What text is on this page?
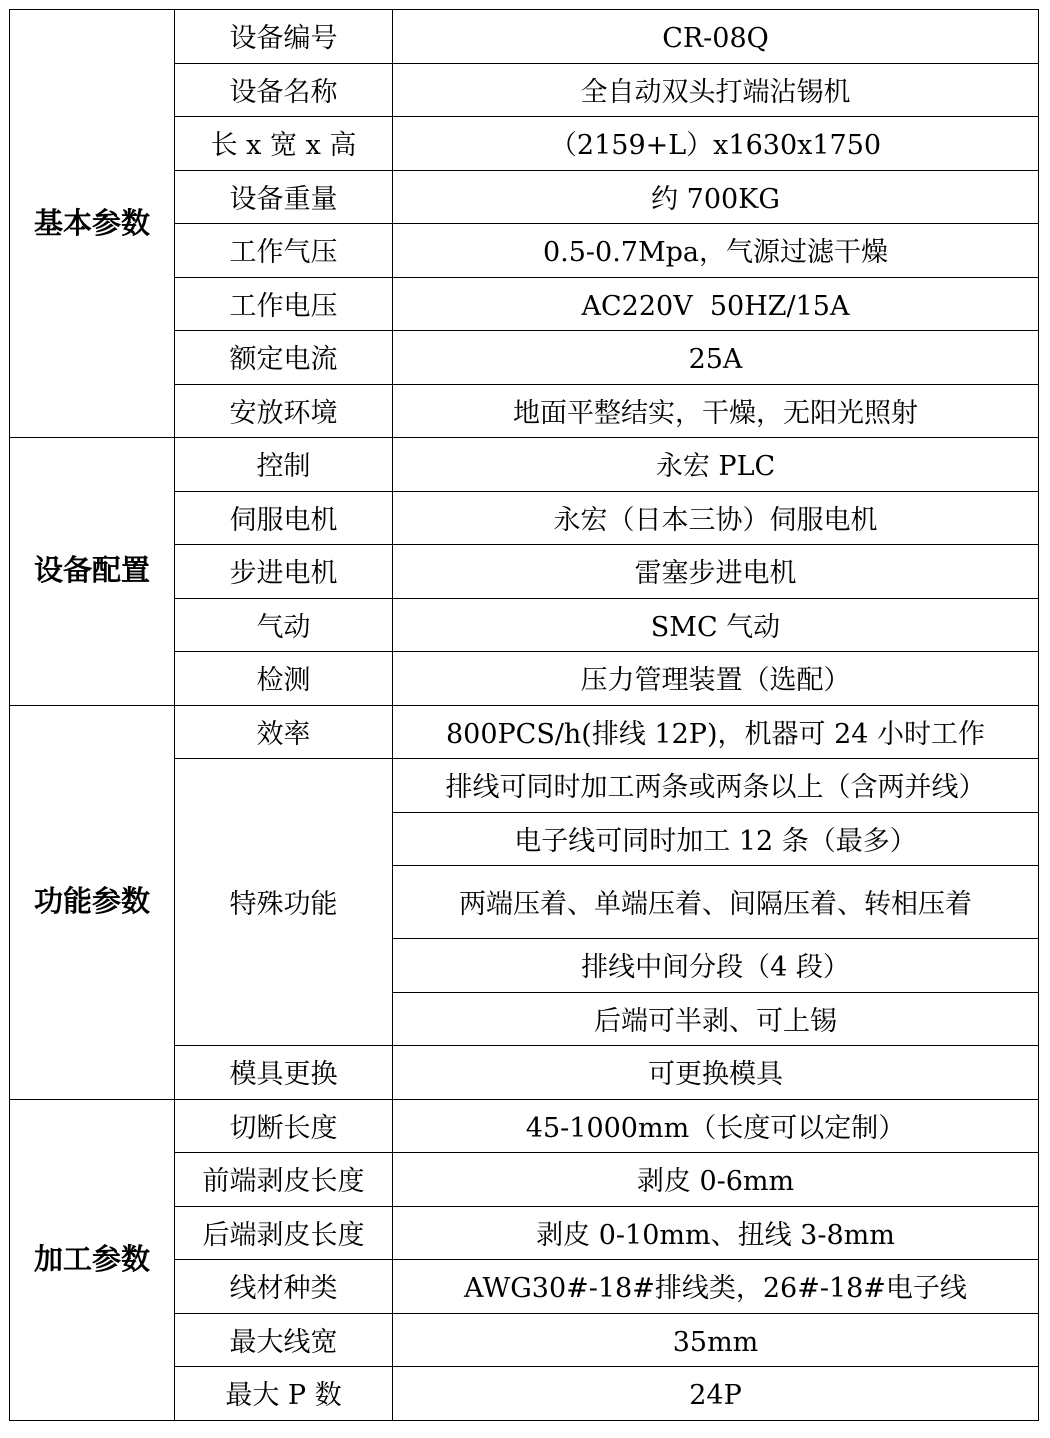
基本参数	设备编号	CR-08Q
	设备名称	全自动双头打端沾锡机
	长 x 宽 x 高	（2159+L）x1630x1750
	设备重量	约 700KG
	工作气压	0.5-0.7Mpa，气源过滤干燥
	工作电压	AC220V  50HZ/15A
	额定电流	25A
	安放环境	地面平整结实，干燥，无阳光照射
设备配置	控制	永宏 PLC
	伺服电机	永宏（日本三协）伺服电机
	步进电机	雷塞步进电机
	气动	SMC 气动
	检测	压力管理装置（选配）
功能参数	效率	800PCS/h(排线 12P)，机器可 24 小时工作
	特殊功能	排线可同时加工两条或两条以上（含两并线）
		电子线可同时加工 12 条（最多）
		两端压着、单端压着、间隔压着、转相压着
		排线中间分段（4 段）
		后端可半剥、可上锡
	模具更换	可更换模具
加工参数	切断长度	45-1000mm（长度可以定制）
	前端剥皮长度	剥皮 0-6mm
	后端剥皮长度	剥皮 0-10mm、扭线 3-8mm
	线材种类	AWG30#-18#排线类，26#-18#电子线
	最大线宽	35mm
	最大 P 数	24P
